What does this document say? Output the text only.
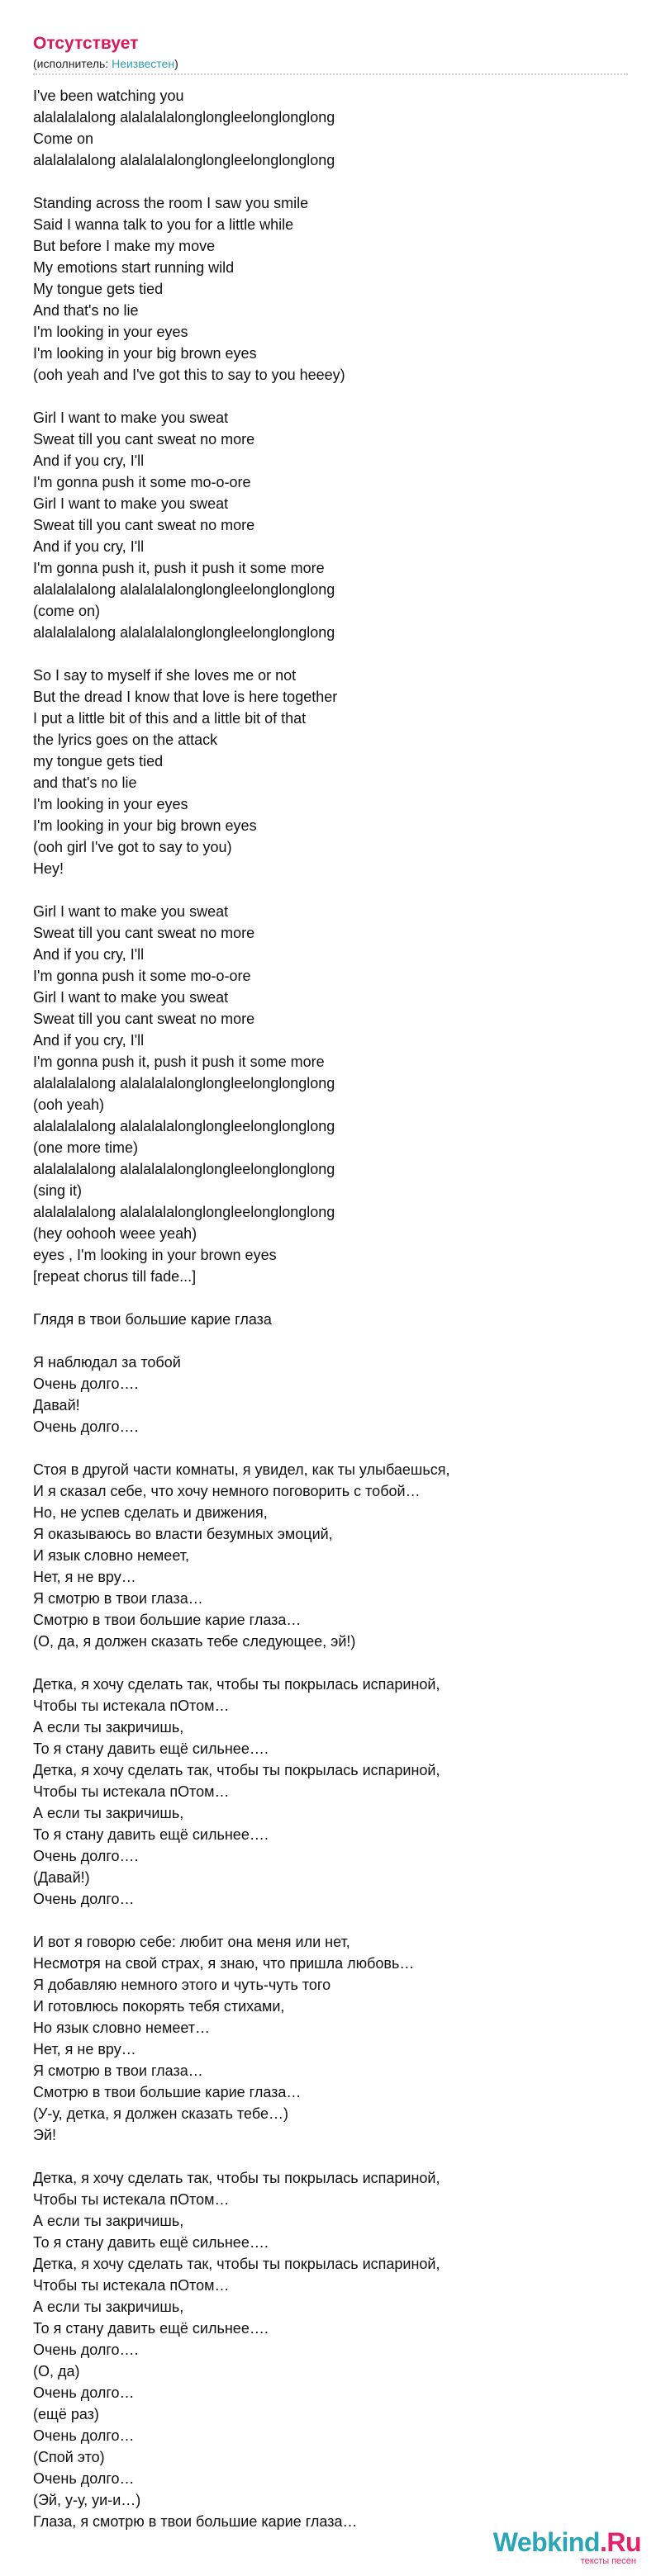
Отсутствует
(исполнитель: Неизвестен)
I've been watching you
alalalalalong alalalalalonglongleelonglonglong
Come on
alalalalalong alalalalalonglongleelonglonglong

Standing across the room I saw you smile
Said I wanna talk to you for a little while
But before I make my move
My emotions start running wild
My tongue gets tied
And that's no lie
I'm looking in your eyes
I'm looking in your big brown eyes
(ooh yeah and I've got this to say to you heeey)

Girl I want to make you sweat
Sweat till you cant sweat no more
And if you cry, I'll
I'm gonna push it some mo-o-ore
Girl I want to make you sweat
Sweat till you cant sweat no more
And if you cry, I'll
I'm gonna push it, push it push it some more
alalalalalong alalalalalonglongleelonglonglong
(come on)
alalalalalong alalalalalonglongleelonglonglong

So I say to myself if she loves me or not
But the dread I know that love is here together
I put a little bit of this and a little bit of that
the lyrics goes on the attack
my tongue gets tied
and that's no lie
I'm looking in your eyes
I'm looking in your big brown eyes
(ooh girl I've got to say to you)
Hey!

Girl I want to make you sweat
Sweat till you cant sweat no more
And if you cry, I'll
I'm gonna push it some mo-o-ore
Girl I want to make you sweat
Sweat till you cant sweat no more
And if you cry, I'll
I'm gonna push it, push it push it some more
alalalalalong alalalalalonglongleelonglonglong
(ooh yeah)
alalalalalong alalalalalonglongleelonglonglong
(one more time)
alalalalalong alalalalalonglongleelonglonglong
(sing it)
alalalalalong alalalalalonglongleelonglonglong
(hey oohooh weee yeah)
eyes , I'm looking in your brown eyes
[repeat chorus till fade...]

Глядя в твои большие карие глаза

Я наблюдал за тобой
Очень долго….
Давай!
Очень долго….

Стоя в другой части комнаты, я увидел, как ты улыбаешься,
И я сказал себе, что хочу немного поговорить с тобой…
Но, не успев сделать и движения,
Я оказываюсь во власти безумных эмоций,
И язык словно немеет,
Нет, я не вру…
Я смотрю в твои глаза…
Смотрю в твои большие карие глаза…
(О, да, я должен сказать тебе следующее, эй!)

Детка, я хочу сделать так, чтобы ты покрылась испариной,
Чтобы ты истекала пОтом…
А если ты закричишь,
То я стану давить ещё сильнее….
Детка, я хочу сделать так, чтобы ты покрылась испариной,
Чтобы ты истекала пОтом…
А если ты закричишь,
То я стану давить ещё сильнее….
Очень долго….
(Давай!)
Очень долго…

И вот я говорю себе: любит она меня или нет,
Несмотря на свой страх, я знаю, что пришла любовь…
Я добавляю немного этого и чуть-чуть того
И готовлюсь покорять тебя стихами,
Но язык словно немеет…
Нет, я не вру…
Я смотрю в твои глаза…
Смотрю в твои большие карие глаза…
(У-у, детка, я должен сказать тебе…)
Эй!

Детка, я хочу сделать так, чтобы ты покрылась испариной,
Чтобы ты истекала пОтом…
А если ты закричишь,
То я стану давить ещё сильнее….
Детка, я хочу сделать так, чтобы ты покрылась испариной,
Чтобы ты истекала пОтом…
А если ты закричишь,
То я стану давить ещё сильнее….
Очень долго….
(О, да)
Очень долго…
(ещё раз)
Очень долго…
(Спой это)
Очень долго…
(Эй, у-у, уи-и…)
Глаза, я смотрю в твои большие карие глаза…
Webkind.Ru
тексты песен
